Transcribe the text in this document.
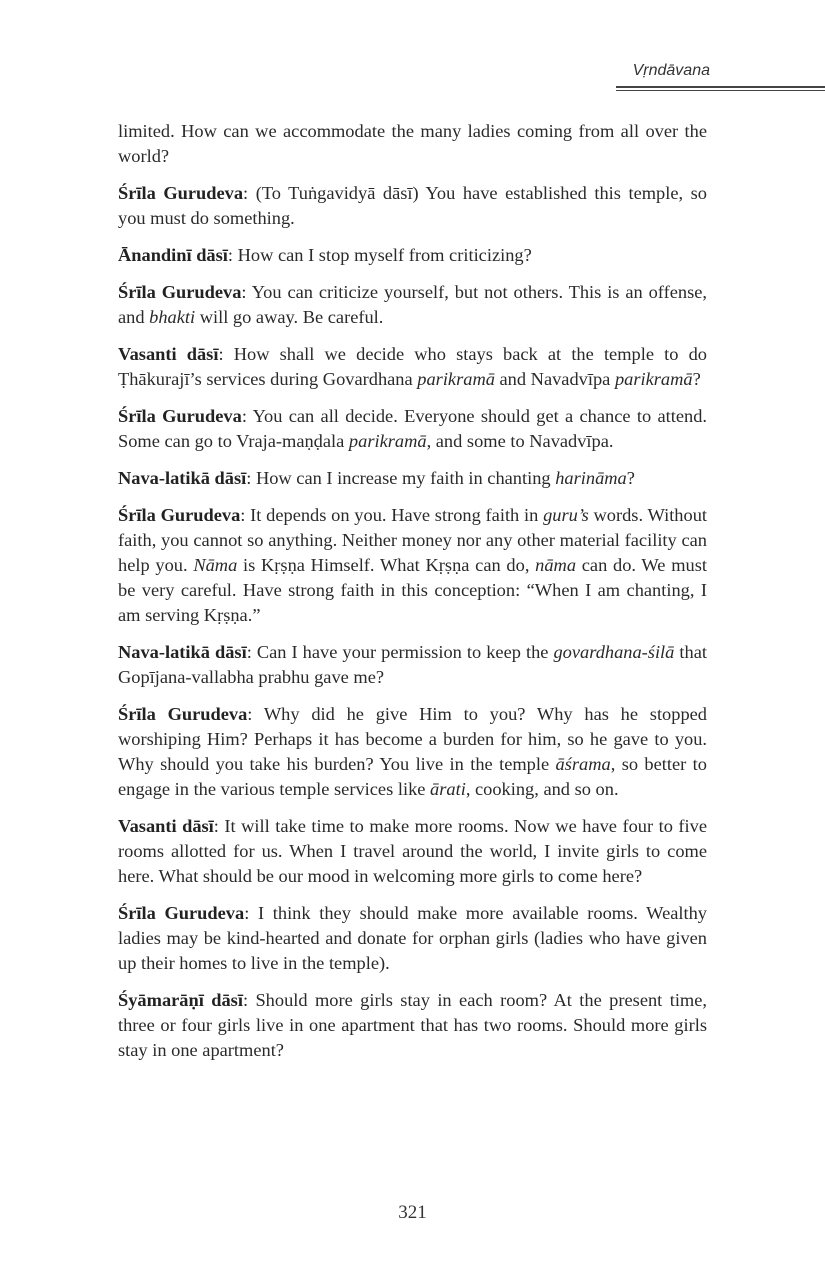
Vṛndāvana

limited. How can we accommodate the many ladies coming from all over the world?

Śrīla Gurudeva: (To Tuṅgavidyā dāsī) You have established this temple, so you must do something.

Ānandinī dāsī: How can I stop myself from criticizing?

Śrīla Gurudeva: You can criticize yourself, but not others. This is an offense, and bhakti will go away. Be careful.

Vasanti dāsī: How shall we decide who stays back at the temple to do Ṭhākurajī’s services during Govardhana parikramā and Navadvīpa parikramā?

Śrīla Gurudeva: You can all decide. Everyone should get a chance to attend. Some can go to Vraja-maṇḍala parikramā, and some to Navadvīpa.

Nava-latikā dāsī: How can I increase my faith in chanting harināma?

Śrīla Gurudeva: It depends on you. Have strong faith in guru’s words. Without faith, you cannot so anything. Neither money nor any other material facility can help you. Nāma is Kṛṣṇa Himself. What Kṛṣṇa can do, nāma can do. We must be very careful. Have strong faith in this conception: “When I am chanting, I am serving Kṛṣṇa.”

Nava-latikā dāsī: Can I have your permission to keep the govardhana-śilā that Gopījana-vallabha prabhu gave me?

Śrīla Gurudeva: Why did he give Him to you? Why has he stopped worshiping Him? Perhaps it has become a burden for him, so he gave to you. Why should you take his burden? You live in the temple āśrama, so better to engage in the various temple services like ārati, cooking, and so on.

Vasanti dāsī: It will take time to make more rooms. Now we have four to five rooms allotted for us. When I travel around the world, I invite girls to come here. What should be our mood in welcoming more girls to come here?

Śrīla Gurudeva: I think they should make more available rooms. Wealthy ladies may be kind-hearted and donate for orphan girls (ladies who have given up their homes to live in the temple).

Śyāmarāṇī dāsī: Should more girls stay in each room? At the present time, three or four girls live in one apartment that has two rooms. Should more girls stay in one apartment?

321
